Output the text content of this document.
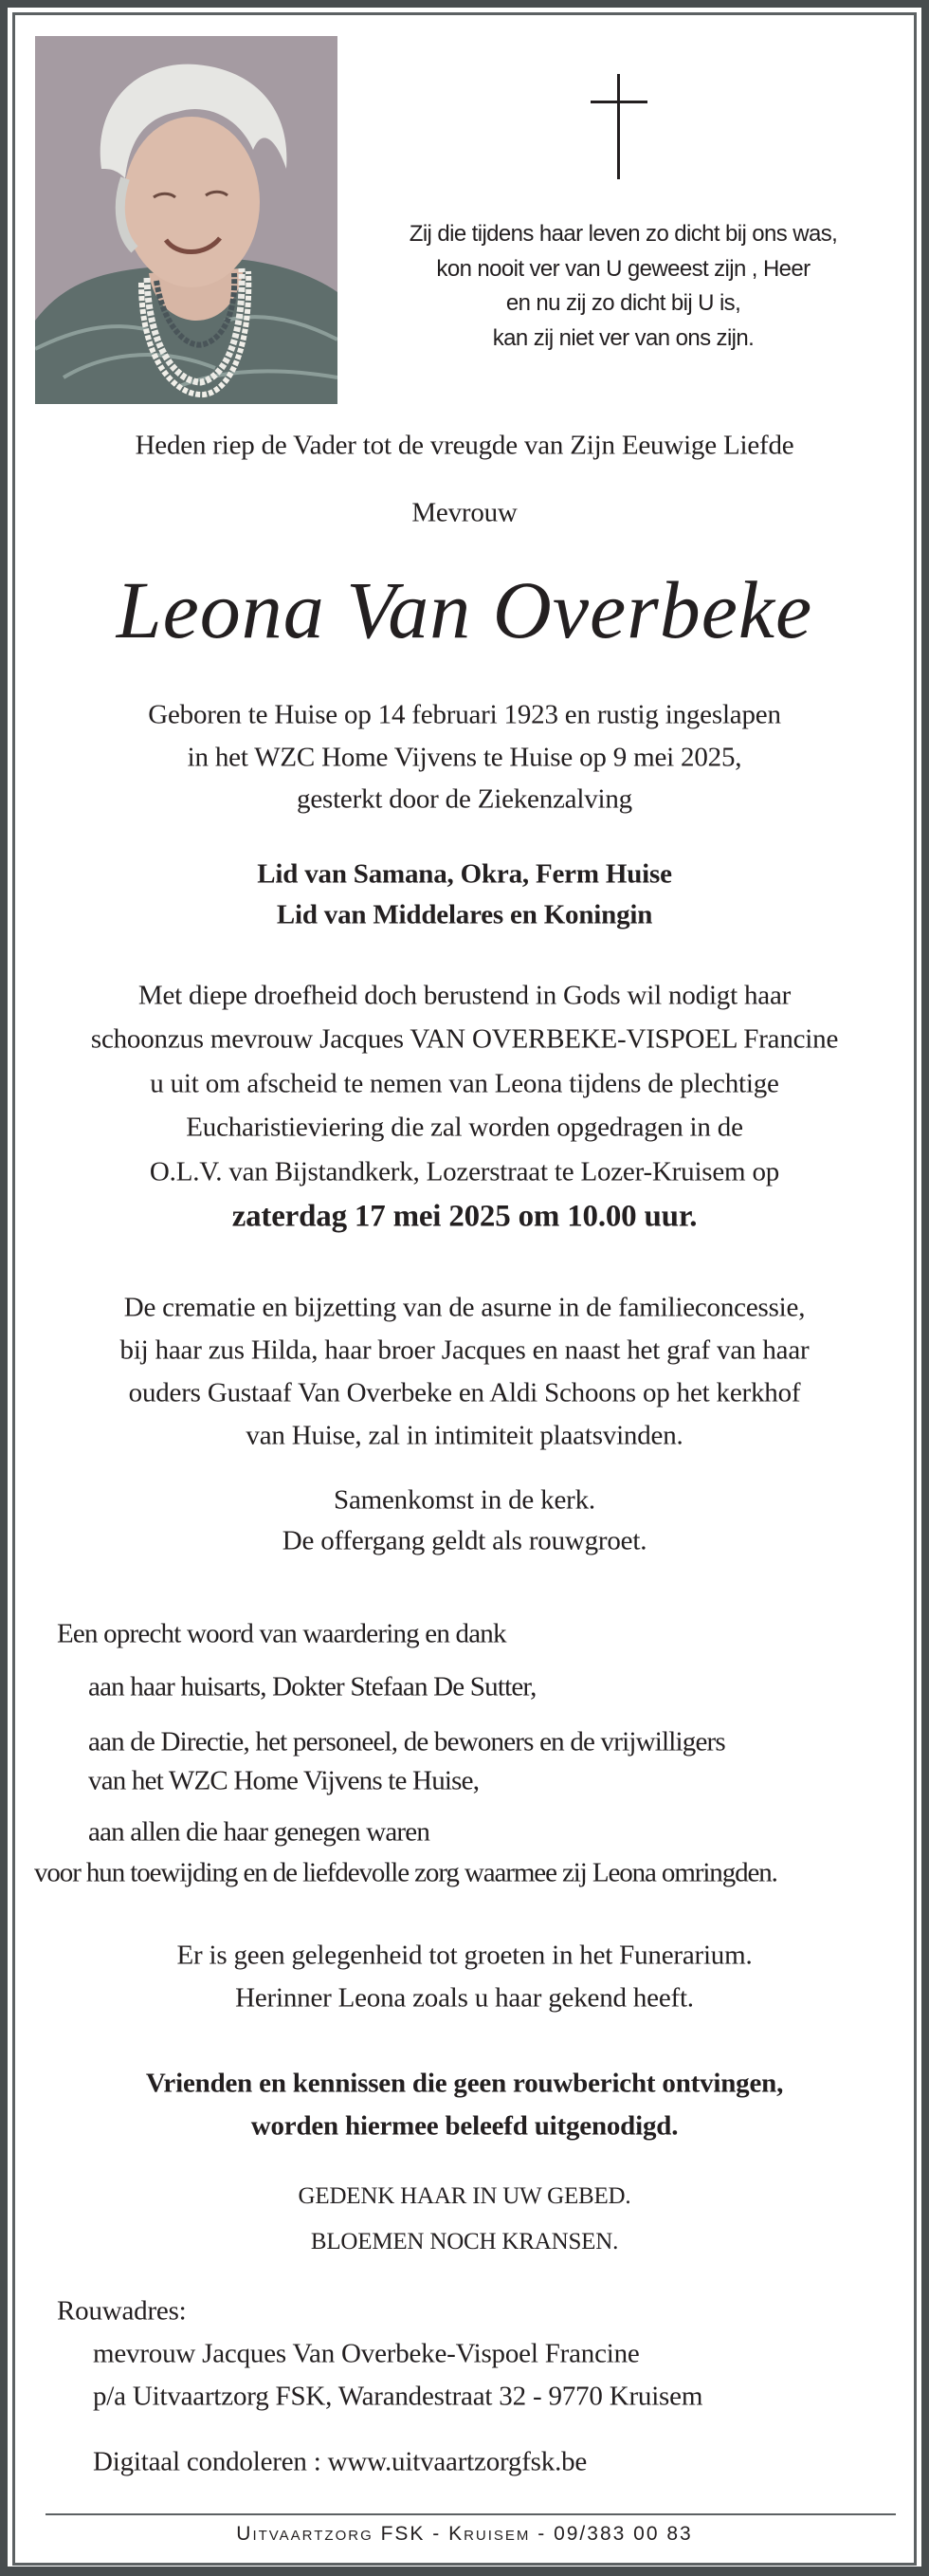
Zij die tijdens haar leven zo dicht bij ons was,
kon nooit ver van U geweest zijn , Heer
en nu zij zo dicht bij U is,
kan zij niet ver van ons zijn.
Heden riep de Vader tot de vreugde van Zijn Eeuwige Liefde
Mevrouw
Leona Van Overbeke
Geboren te Huise op 14 februari 1923 en rustig ingeslapen
in het WZC Home Vijvens te Huise op 9 mei 2025,
gesterkt door de Ziekenzalving
Lid van Samana, Okra, Ferm Huise
Lid van Middelares en Koningin
Met diepe droefheid doch berustend in Gods wil nodigt haar
schoonzus mevrouw Jacques VAN OVERBEKE-VISPOEL Francine
u uit om afscheid te nemen van Leona tijdens de plechtige
Eucharistieviering die zal worden opgedragen in de
O.L.V. van Bijstandkerk, Lozerstraat te Lozer-Kruisem op
zaterdag 17 mei 2025 om 10.00 uur.
De crematie en bijzetting van de asurne in de familieconcessie,
bij haar zus Hilda, haar broer Jacques en naast het graf van haar
ouders Gustaaf Van Overbeke en Aldi Schoons op het kerkhof
van Huise, zal in intimiteit plaatsvinden.
Samenkomst in de kerk.
De offergang geldt als rouwgroet.
Een oprecht woord van waardering en dank
aan haar huisarts, Dokter Stefaan De Sutter,
aan de Directie, het personeel, de bewoners en de vrijwilligers
van het WZC Home Vijvens te Huise,
aan allen die haar genegen waren
voor hun toewijding en de liefdevolle zorg waarmee zij Leona omringden.
Er is geen gelegenheid tot groeten in het Funerarium.
Herinner Leona zoals u haar gekend heeft.
Vrienden en kennissen die geen rouwbericht ontvingen,
worden hiermee beleefd uitgenodigd.
GEDENK HAAR IN UW GEBED.
BLOEMEN NOCH KRANSEN.
Rouwadres:
mevrouw Jacques Van Overbeke-Vispoel Francine
p/a Uitvaartzorg FSK, Warandestraat 32 - 9770 Kruisem
Digitaal condoleren : www.uitvaartzorgfsk.be
Uitvaartzorg FSK - Kruisem - 09/383 00 83
